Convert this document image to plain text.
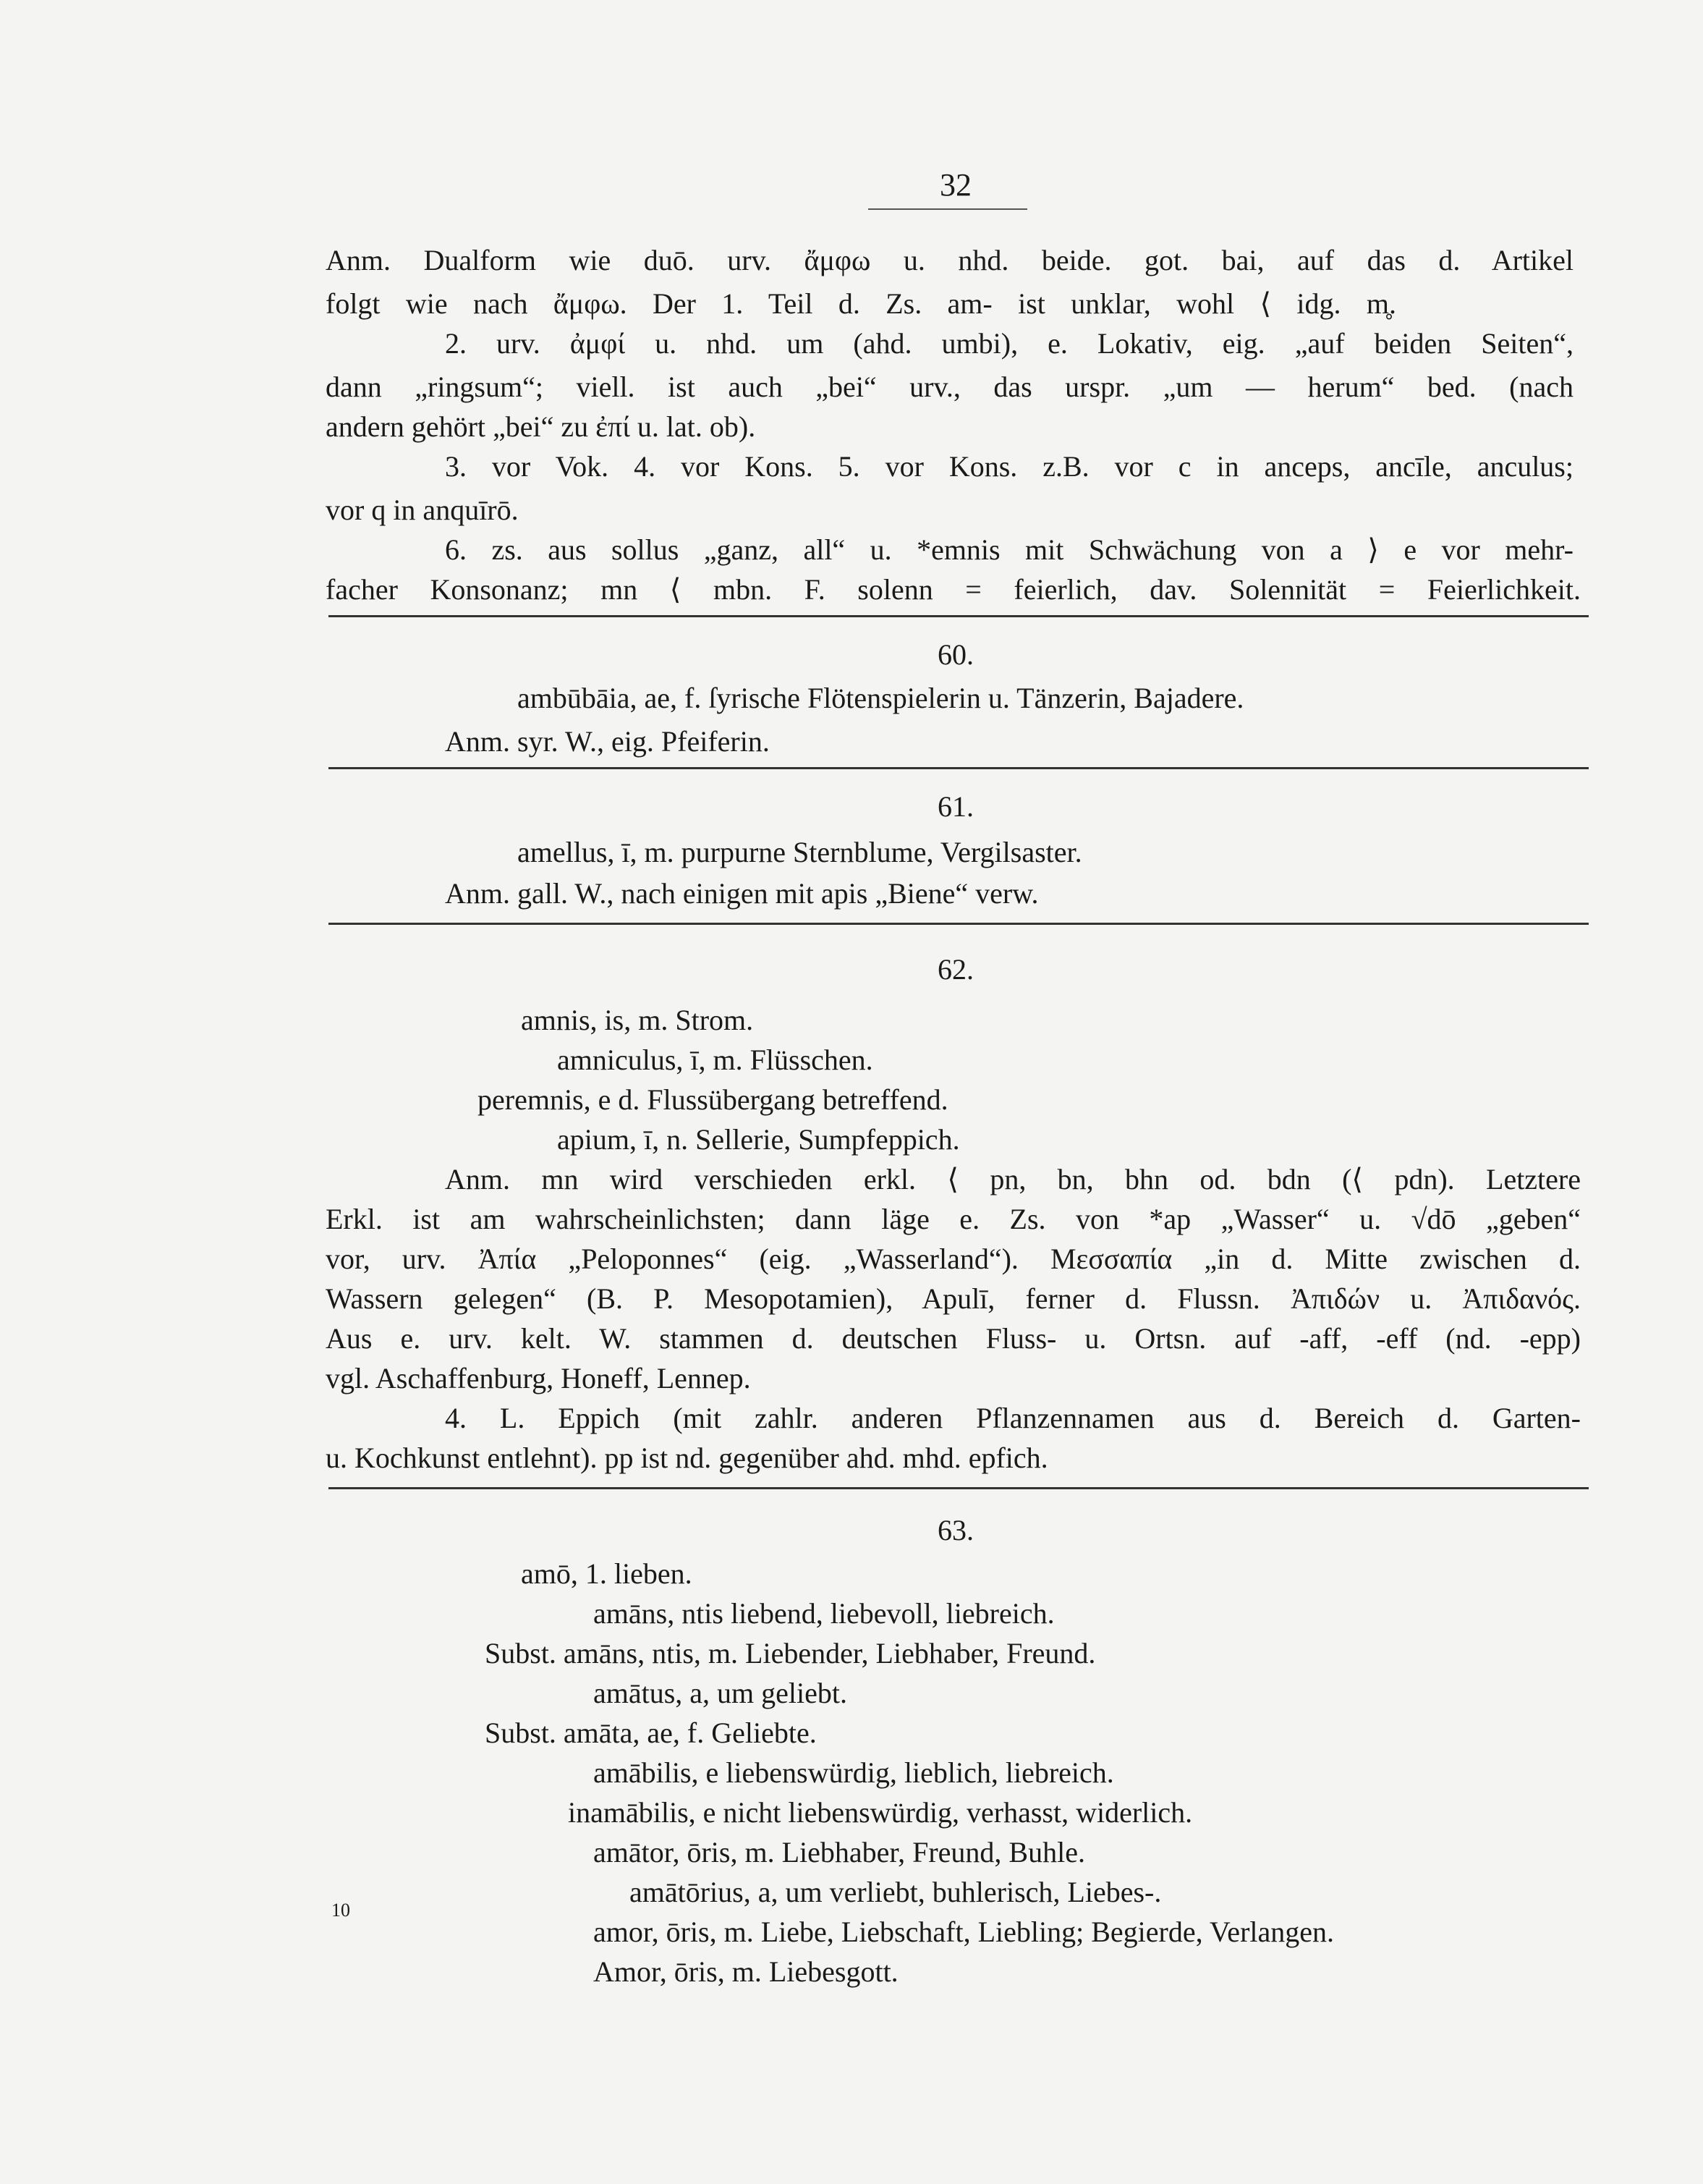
32
Anm. Dualform wie duō. urv. ἄμφω u. nhd. beide. got. bai, auf das d. Artikel
folgt wie nach ἄμφω. Der 1. Teil d. Zs. am- ist unklar, wohl ⟨ idg. m̥.
2. urv. ἀμφί u. nhd. um (ahd. umbi), e. Lokativ, eig. „auf beiden Seiten“,
dann „ringsum“; viell. ist auch „bei“ urv., das urspr. „um — herum“ bed. (nach
andern gehört „bei“ zu ἐπί u. lat. ob).
3. vor Vok. 4. vor Kons. 5. vor Kons. z.B. vor c in anceps, ancīle, anculus;
vor q in anquīrō.
6. zs. aus sollus „ganz, all“ u. *emnis mit Schwächung von a ⟩ e vor mehr-
facher Konsonanz; mn ⟨ mbn. F. solenn = feierlich, dav. Solennität = Feierlichkeit.
60.
ambūbāia, ae, f. ſyrische Flötenspielerin u. Tänzerin, Bajadere.
Anm. syr. W., eig. Pfeiferin.
61.
amellus, ī, m. purpurne Sternblume, Vergilsaster.
Anm. gall. W., nach einigen mit apis „Biene“ verw.
62.
amnis, is, m. Strom.
amniculus, ī, m. Flüsschen.
peremnis, e d. Flussübergang betreffend.
apium, ī, n. Sellerie, Sumpfeppich.
Anm. mn wird verschieden erkl. ⟨ pn, bn, bhn od. bdn (⟨ pdn). Letztere
Erkl. ist am wahrscheinlichsten; dann läge e. Zs. von *ap „Wasser“ u. √dō „geben“
vor, urv. Ἀπία „Peloponnes“ (eig. „Wasserland“). Μεσσαπία „in d. Mitte zwischen d.
Wassern gelegen“ (B. P. Mesopotamien), Apulī, ferner d. Flussn. Ἀπιδών u. Ἀπιδανός.
Aus e. urv. kelt. W. stammen d. deutschen Fluss- u. Ortsn. auf -aff, -eff (nd. -epp)
vgl. Aschaffenburg, Honeff, Lennep.
4. L. Eppich (mit zahlr. anderen Pflanzennamen aus d. Bereich d. Garten-
u. Kochkunst entlehnt). pp ist nd. gegenüber ahd. mhd. epfich.
63.
amō, 1. lieben.
amāns, ntis liebend, liebevoll, liebreich.
Subst. amāns, ntis, m. Liebender, Liebhaber, Freund.
amātus, a, um geliebt.
Subst. amāta, ae, f. Geliebte.
amābilis, e liebenswürdig, lieblich, liebreich.
inamābilis, e nicht liebenswürdig, verhasst, widerlich.
amātor, ōris, m. Liebhaber, Freund, Buhle.
amātōrius, a, um verliebt, buhlerisch, Liebes-.
amor, ōris, m. Liebe, Liebschaft, Liebling; Begierde, Verlangen.
Amor, ōris, m. Liebesgott.
10
